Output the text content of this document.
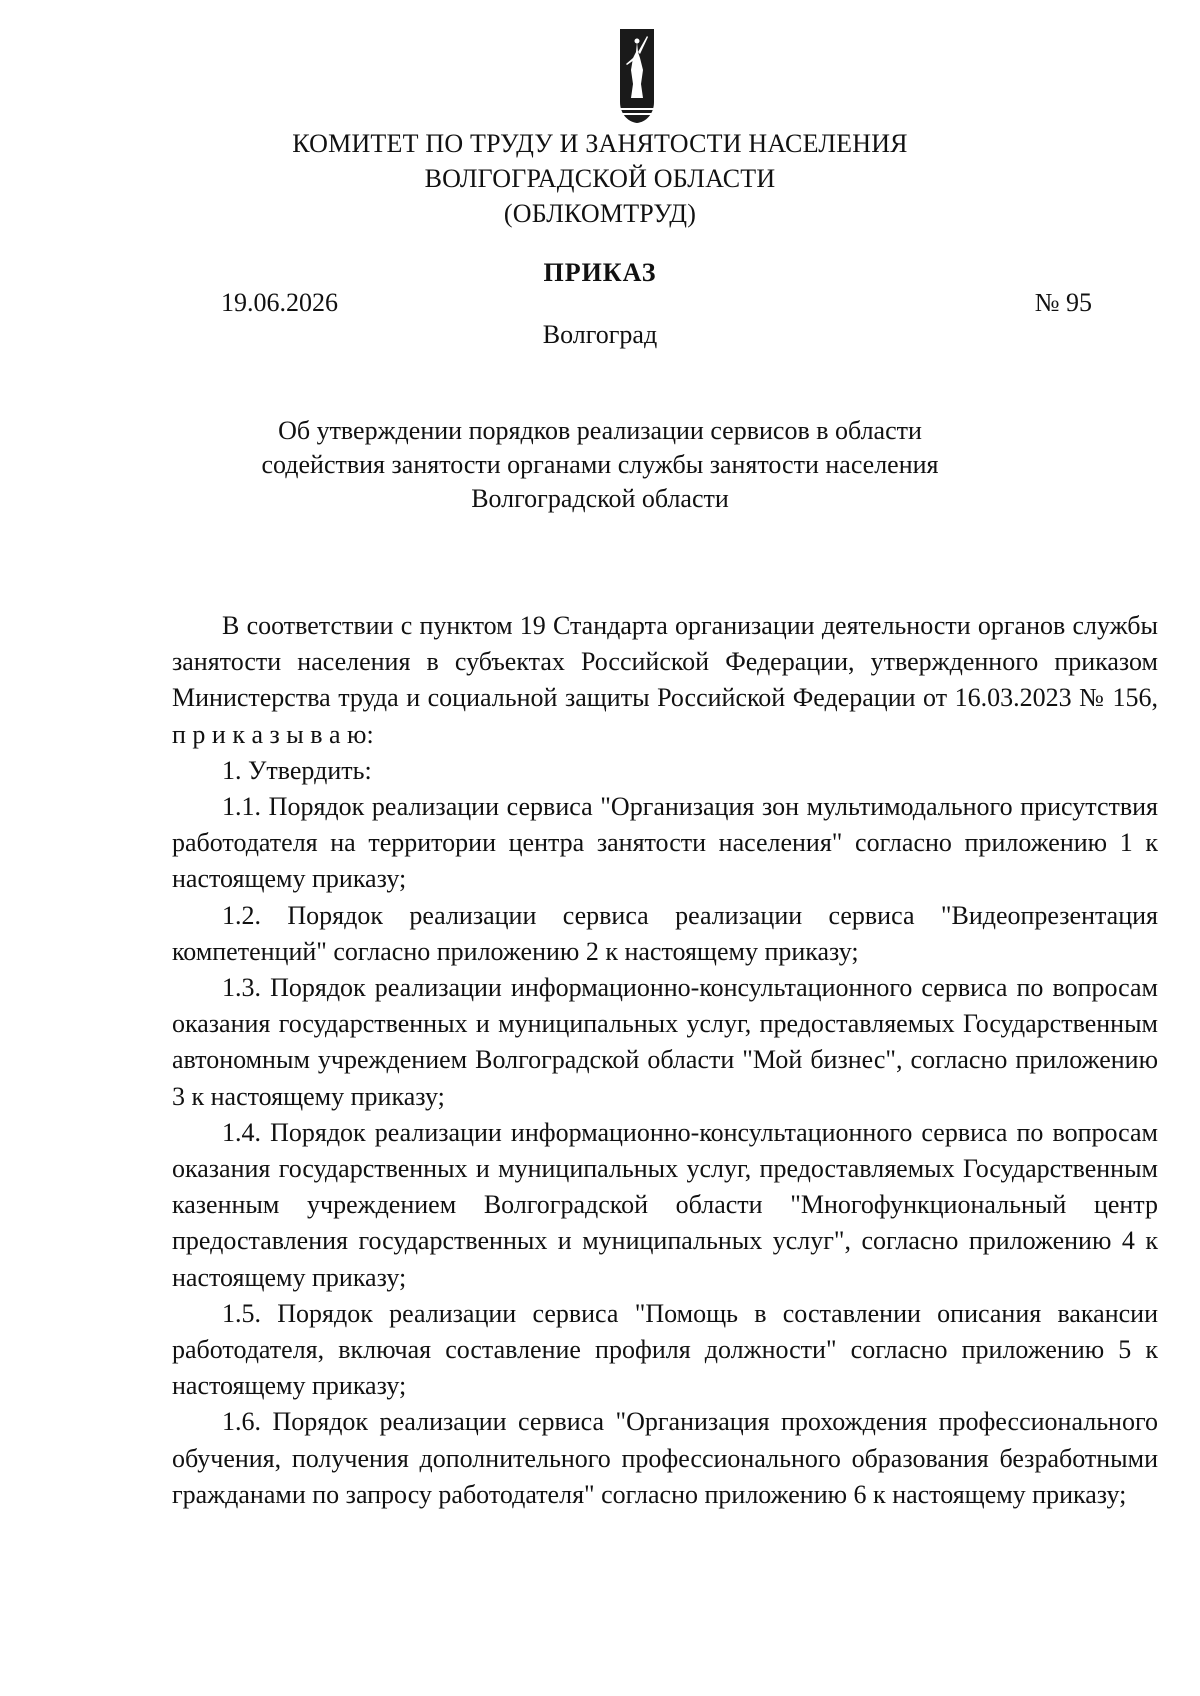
КОМИТЕТ ПО ТРУДУ И ЗАНЯТОСТИ НАСЕЛЕНИЯ
ВОЛГОГРАДСКОЙ ОБЛАСТИ
(ОБЛКОМТРУД)
ПРИКАЗ
19.06.2026	№ 95
Волгоград
Об утверждении порядков реализации сервисов в области
содействия занятости органами службы занятости населения
Волгоградской области

В соответствии с пунктом 19 Стандарта организации деятельности органов службы занятости населения в субъектах Российской Федерации, утвержденного приказом Министерства труда и социальной защиты Российской Федерации от 16.03.2023 № 156, п р и к а з ы в а ю:

1. Утвердить:

1.1. Порядок реализации сервиса "Организация зон мультимодального присутствия работодателя на территории центра занятости населения" согласно приложению 1 к настоящему приказу;

1.2. Порядок реализации сервиса реализации сервиса "Видеопрезентация компетенций" согласно приложению 2 к настоящему приказу;

1.3. Порядок реализации информационно-консультационного сервиса по вопросам оказания государственных и муниципальных услуг, предоставляемых Государственным автономным учреждением Волгоградской области "Мой бизнес", согласно приложению 3 к настоящему приказу;

1.4. Порядок реализации информационно-консультационного сервиса по вопросам оказания государственных и муниципальных услуг, предоставляемых Государственным казенным учреждением Волгоградской области "Многофункциональный центр предоставления государственных и муниципальных услуг", согласно приложению 4 к настоящему приказу;

1.5. Порядок реализации сервиса "Помощь в составлении описания вакансии работодателя, включая составление профиля должности" согласно приложению 5 к настоящему приказу;

1.6. Порядок реализации сервиса "Организация прохождения профессионального обучения, получения дополнительного профессионального образования безработными гражданами по запросу работодателя" согласно приложению 6 к настоящему приказу;
